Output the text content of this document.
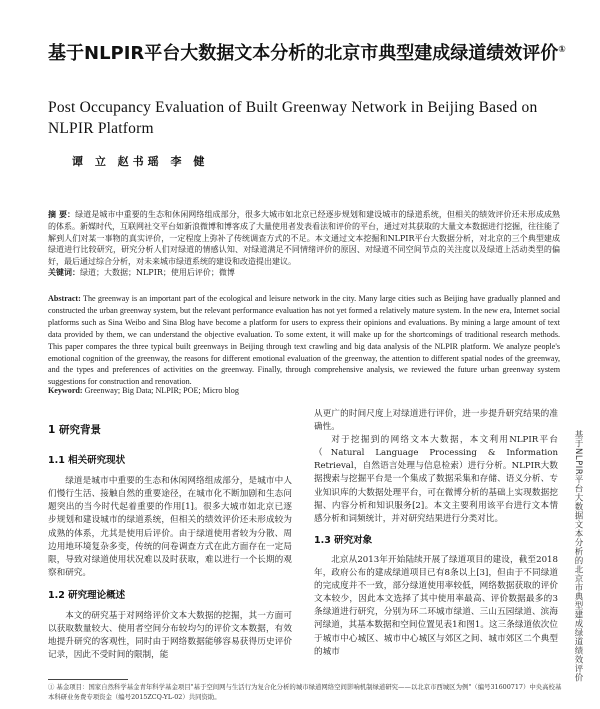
基于NLPIR平台大数据文本分析的北京市典型建成绿道绩效评价①
Post Occupancy Evaluation of Built Greenway Network in Beijing Based on NLPIR Platform
谭 立 赵书瑶 李 健
摘 要：绿道是城市中重要的生态和休闲网络组成部分，很多大城市如北京已经逐步规划和建设城市的绿道系统，但相关的绩效评价还未形成成熟的体系。新媒时代，互联网社交平台如新浪微博和博客成了大量使用者发表看法和评价的平台，通过对其获取的大量文本数据进行挖掘，往往能了解到人们对某一事物的真实评价，一定程度上弥补了传统调查方式的不足。本文通过文本挖掘和NLPIR平台大数据分析，对北京的三个典型建成绿道进行比较研究，研究分析人们对绿道的情感认知、对绿道满足不同情绪评价的原因、对绿道不同空间节点的关注度以及绿道上活动类型的偏好，最后通过综合分析，对未来城市绿道系统的建设和改造提出建议。
关键词：绿道；大数据；NLPIR；使用后评价；微博
Abstract: The greenway is an important part of the ecological and leisure network in the city. Many large cities such as Beijing have gradually planned and constructed the urban greenway system, but the relevant performance evaluation has not yet formed a relatively mature system. In the new era, Internet social platforms such as Sina Weibo and Sina Blog have become a platform for users to express their opinions and evaluations. By mining a large amount of text data provided by them, we can understand the objective evaluation. To some extent, it will make up for the shortcomings of traditional research methods. This paper compares the three typical built greenways in Beijing through text crawling and big data analysis of the NLPIR platform. We analyze people's emotional cognition of the greenway, the reasons for different emotional evaluation of the greenway, the attention to different spatial nodes of the greenway, and the types and preferences of activities on the greenway. Finally, through comprehensive analysis, we reviewed the future urban greenway system suggestions for construction and renovation.
Keyword: Greenway; Big Data; NLPIR; POE; Micro blog
1 研究背景
1.1 相关研究现状

绿道是城市中重要的生态和休闲网络组成部分，是城市中人们慢行生活、接触自然的重要途径，在城市化不断加剧和生态问题突出的当今时代起着重要的作用[1]。很多大城市如北京已逐步规划和建设城市的绿道系统，但相关的绩效评价还未形成较为成熟的体系，尤其是使用后评价。由于绿道使用者较为分散、周边用地环境复杂多变，传统的问卷调查方式在此方面存在一定局限，导致对绿道使用状况难以及时获取，难以进行一个长期的观察和研究。

1.2 研究理论概述

本文的研究基于对网络评价文本大数据的挖掘，其一方面可以获取数量较大、使用者空间分布较均匀的评价文本数据，有效地提升研究的客观性，同时由于网络数据能够容易获得历史评价记录，因此不受时间的限制，能

从更广的时间尺度上对绿道进行评价，进一步提升研究结果的准确性。

对于挖掘到的网络文本大数据，本文利用NLPIR平台（Natural Language Processing & Information Retrieval，自然语言处理与信息检索）进行分析。NLPIR大数据搜索与挖掘平台是一个集成了数据采集和存储、语义分析、专业知识库的大数据处理平台，可在微博分析的基础上实现数据挖掘、内容分析和知识服务[2]。本文主要利用该平台进行文本情感分析和词频统计，并对研究结果进行分类对比。

1.3 研究对象

北京从2013年开始陆续开展了绿道项目的建设，截至2018年，政府公布的建成绿道项目已有8条以上[3]，但由于不同绿道的完成度并不一致，部分绿道使用率较低，网络数据获取的评价文本较少，因此本文选择了其中使用率最高、评价数据最多的3条绿道进行研究，分别为环二环城市绿道、三山五园绿道、滨海河绿道，其基本数据和空间位置见表1和图1。这三条绿道依次位于城市中心城区、城市中心城区与郊区之间、城市郊区二个典型的城市	基于NLPIR平台大数据文本分析的北京市典型建成绿道绩效评价
① 基金项目：国家自然科学基金青年科学基金项目"基于空间网与生活行为复合化分析的城市绿道网络空间影响机制绿道研究——以北京市西城区为例"（编号31600717）中央高校基本科研业务费专项资金（编号2015ZCQ-YL-02）共同资助。
